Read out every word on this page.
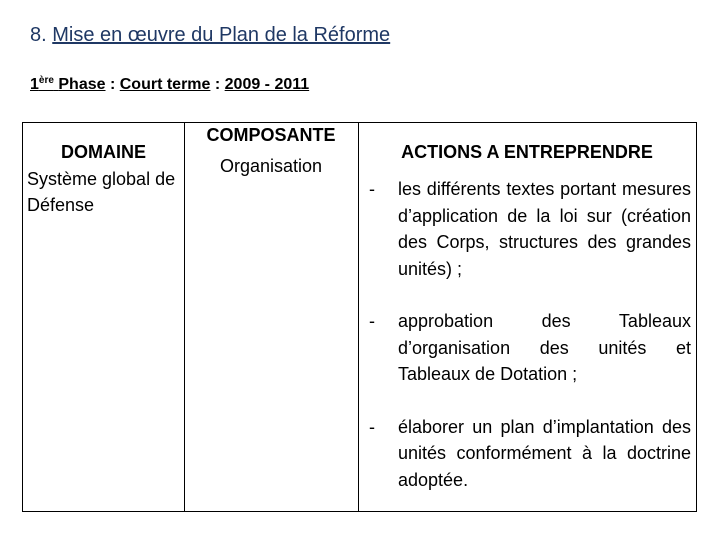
8. Mise en œuvre du Plan de la Réforme
1ère Phase : Court terme : 2009 - 2011
DOMAINE
Système global de Défense
COMPOSANTE
Organisation
ACTIONS A ENTREPRENDRE
- les différents textes portant mesures d’application de la loi sur (création des Corps, structures des grandes unités) ;
- approbation des Tableaux d’organisation des unités et Tableaux de Dotation ;
- élaborer un plan d’implantation des unités conformément à la doctrine adoptée.
